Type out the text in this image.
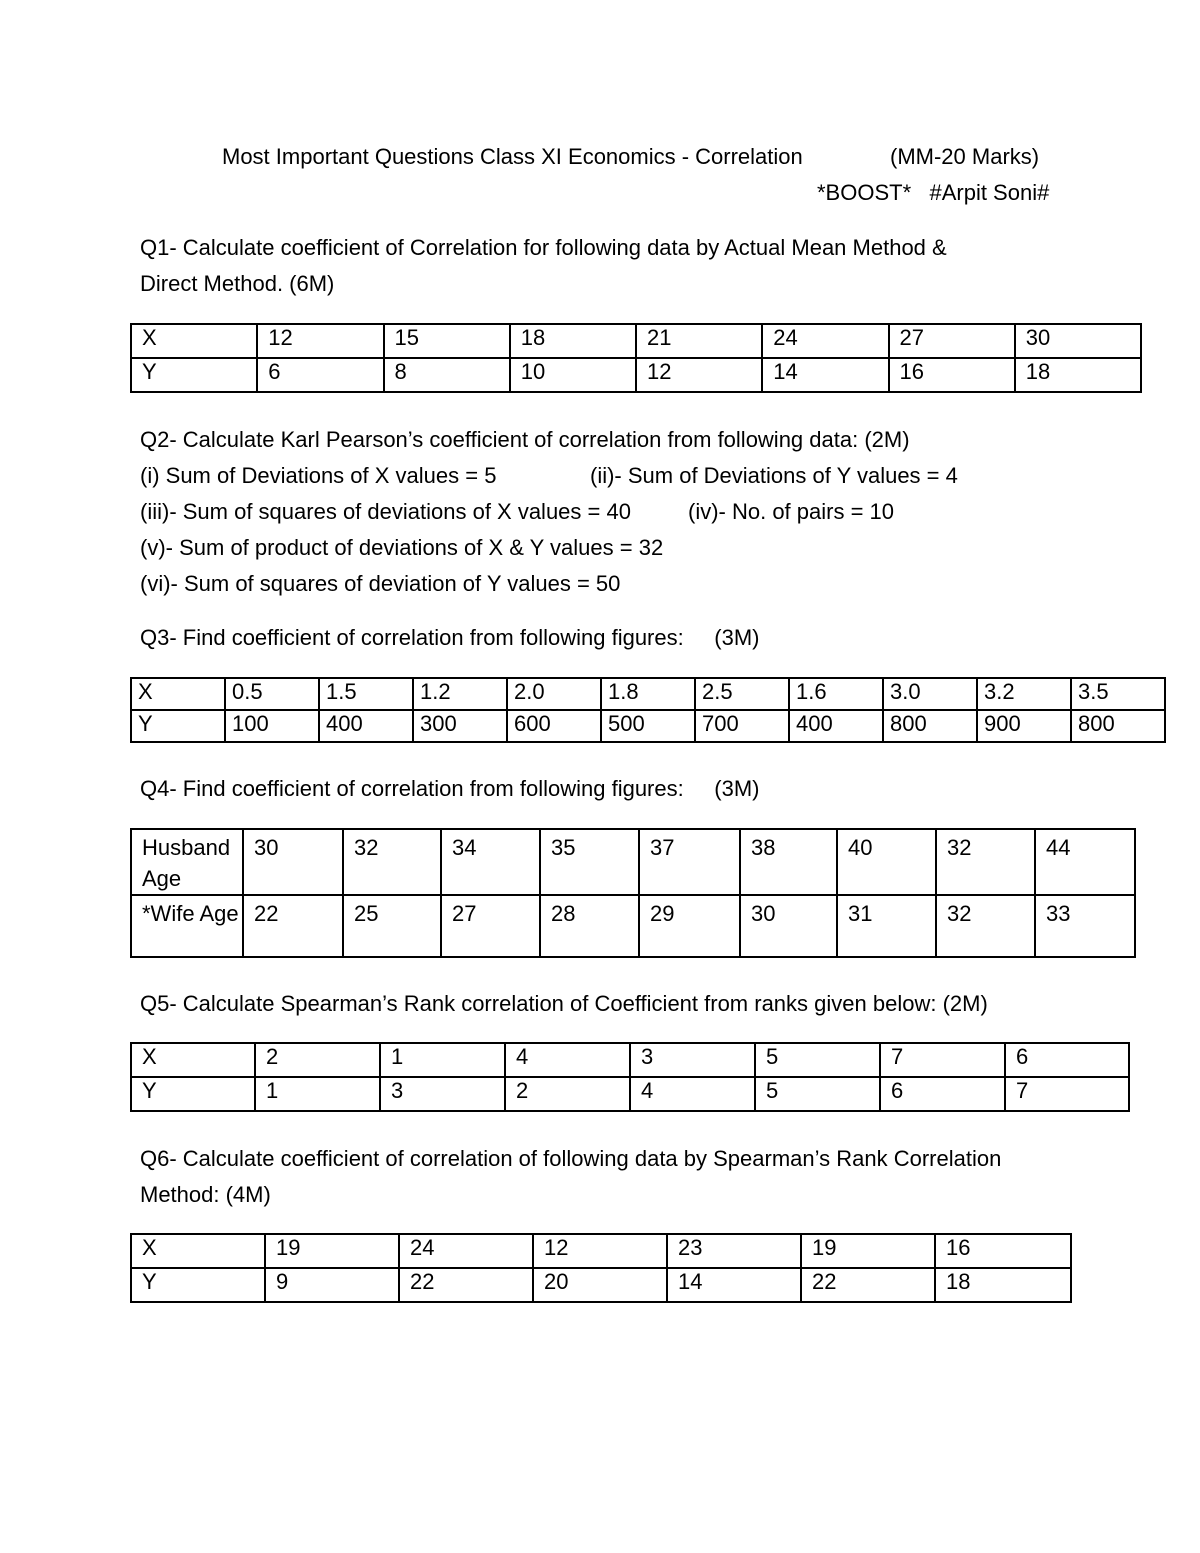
Most Important Questions Class XI Economics - Correlation	(MM-20 Marks)
*BOOST*   #Arpit Soni#
Q1- Calculate coefficient of Correlation for following data by Actual Mean Method &
Direct Method. (6M)
X	12	15	18	21	24	27	30
Y	6	8	10	12	14	16	18
Q2- Calculate Karl Pearson’s coefficient of correlation from following data: (2M)
(i) Sum of Deviations of X values = 5	(ii)- Sum of Deviations of Y values = 4
(iii)- Sum of squares of deviations of X values = 40	(iv)- No. of pairs = 10
(v)- Sum of product of deviations of X & Y values = 32
(vi)- Sum of squares of deviation of Y values = 50
Q3- Find coefficient of correlation from following figures:     (3M)
X	0.5	1.5	1.2	2.0	1.8	2.5	1.6	3.0	3.2	3.5
Y	100	400	300	600	500	700	400	800	900	800
Q4- Find coefficient of correlation from following figures:     (3M)
Husband Age	30	32	34	35	37	38	40	32	44
*Wife Age	22	25	27	28	29	30	31	32	33
Q5- Calculate Spearman’s Rank correlation of Coefficient from ranks given below: (2M)
X	2	1	4	3	5	7	6
Y	1	3	2	4	5	6	7
Q6- Calculate coefficient of correlation of following data by Spearman’s Rank Correlation
Method: (4M)
X	19	24	12	23	19	16
Y	9	22	20	14	22	18
